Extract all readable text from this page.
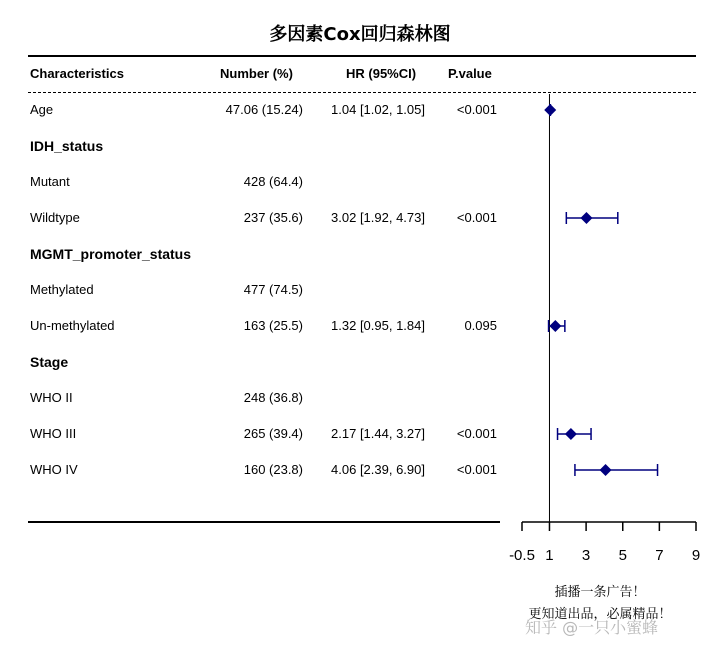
多因素Cox回归森林图
Characteristics	Number (%)	HR (95%CI) P.value
Age	47.06 (15.24)	1.04 [1.02, 1.05]	<0.001
IDH_status
Mutant	428 (64.4)
Wildtype	237 (35.6)	3.02 [1.92, 4.73]	<0.001
MGMT_promoter_status
Methylated	477 (74.5)
Un-methylated	163 (25.5)	1.32 [0.95, 1.84]	0.095
Stage
WHO II	248 (36.8)
WHO III	265 (39.4)	2.17 [1.44, 3.27]	<0.001
WHO IV	160 (23.8)	4.06 [2.39, 6.90]	<0.001
-0.5 1 3 5 7 9
插播一条广告！
更知道出品，必属精品！
知乎 @一只小蜜蜂
